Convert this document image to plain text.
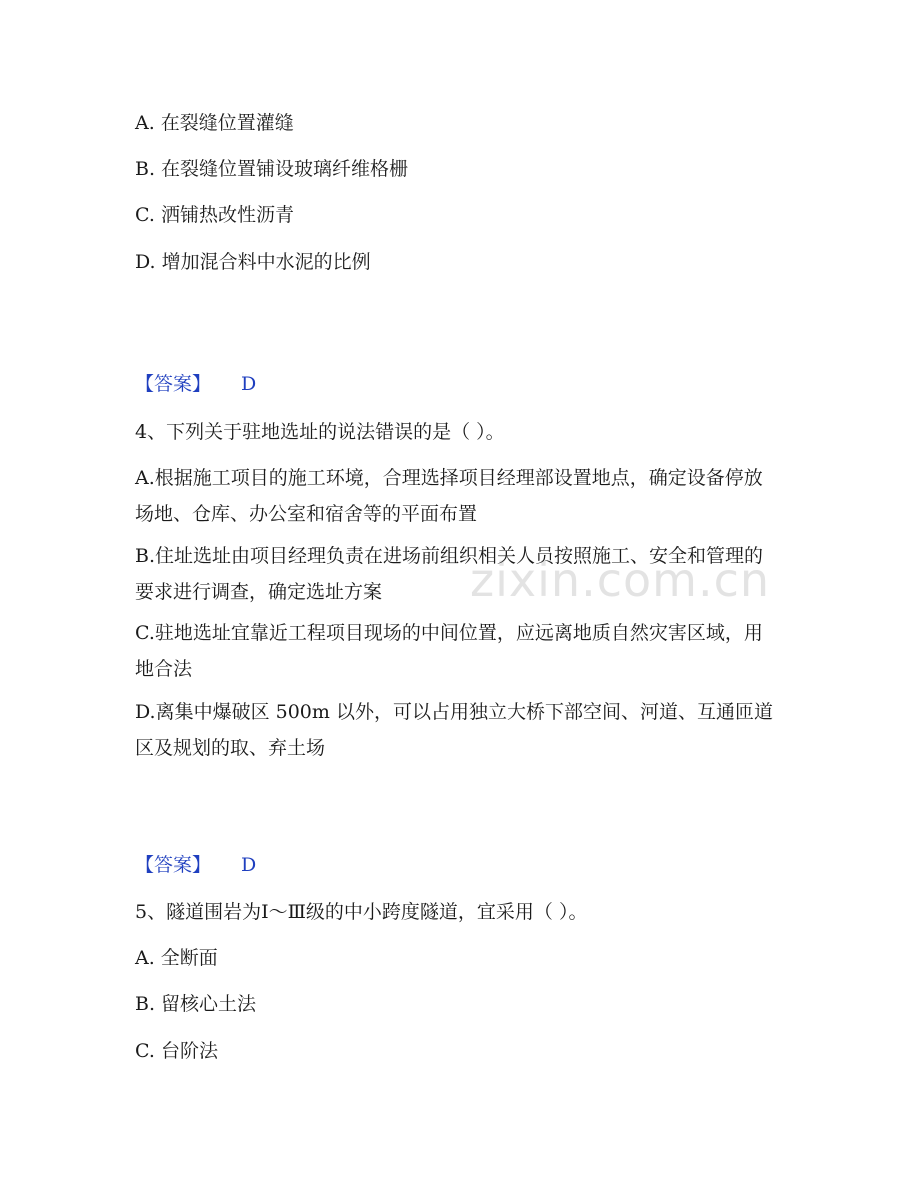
zixin.com.cn
A. 在裂缝位置灌缝
B. 在裂缝位置铺设玻璃纤维格栅
C. 洒铺热改性沥青
D. 增加混合料中水泥的比例
【答案】 D
4、下列关于驻地选址的说法错误的是（ ）。
A.根据施工项目的施工环境，合理选择项目经理部设置地点，确定设备停放场地、仓库、办公室和宿舍等的平面布置
B.住址选址由项目经理负责在进场前组织相关人员按照施工、安全和管理的要求进行调查，确定选址方案
C.驻地选址宜靠近工程项目现场的中间位置，应远离地质自然灾害区域，用地合法
D.离集中爆破区 500m 以外，可以占用独立大桥下部空间、河道、互通匝道区及规划的取、弃土场
【答案】 D
5、隧道围岩为Ⅰ～Ⅲ级的中小跨度隧道，宜采用（ ）。
A. 全断面
B. 留核心土法
C. 台阶法
